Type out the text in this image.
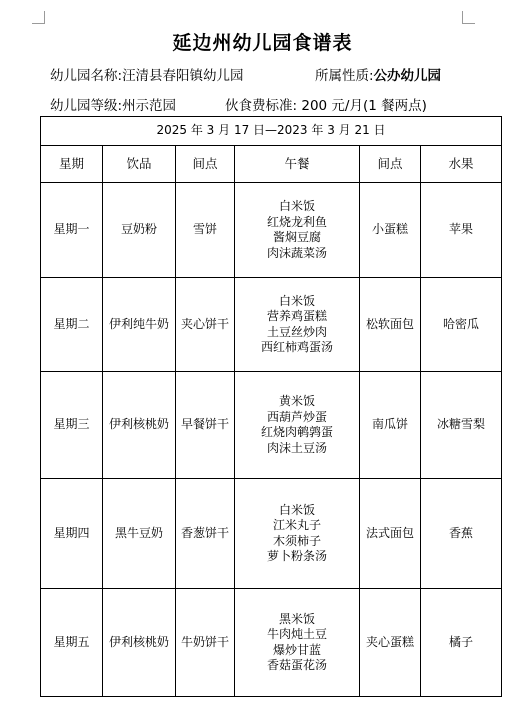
延边州幼儿园食谱表
幼儿园名称:汪清县春阳镇幼儿园	所属性质:公办幼儿园
幼儿园等级:州示范园	伙食费标准: 200 元/月(1 餐两点)
2025 年 3 月 17 日—2023 年 3 月 21 日					
星期	饮品	间点	午餐	间点	水果
星期一	豆奶粉	雪饼	白米饭
红烧龙利鱼
酱焖豆腐
肉沫蔬菜汤	小蛋糕	苹果
星期二	伊利纯牛奶	夹心饼干	白米饭
营养鸡蛋糕
土豆丝炒肉
西红柿鸡蛋汤	松软面包	哈密瓜
星期三	伊利核桃奶	早餐饼干	黄米饭
西葫芦炒蛋
红烧肉鹌鹑蛋
肉沫土豆汤	南瓜饼	冰糖雪梨
星期四	黑牛豆奶	香葱饼干	白米饭
江米丸子
木须柿子
萝卜粉条汤	法式面包	香蕉
星期五	伊利核桃奶	牛奶饼干	黑米饭
牛肉炖土豆
爆炒甘蓝
香菇蛋花汤	夹心蛋糕	橘子
